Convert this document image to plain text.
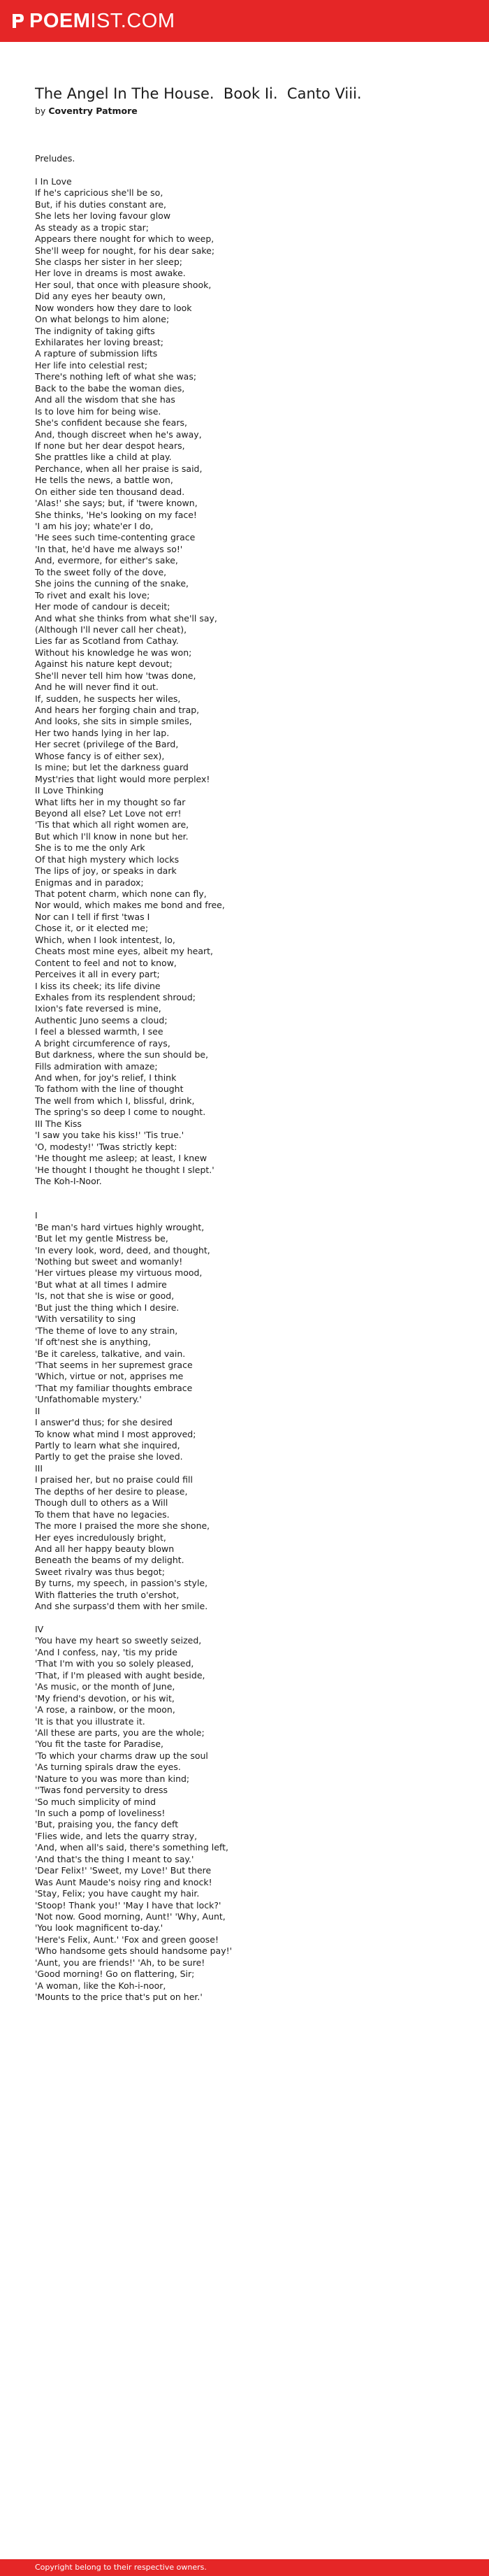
POEMIST.COM
The Angel In The House.  Book Ii.  Canto Viii.
by Coventry Patmore
Preludes.
I In Love
If he's capricious she'll be so,
But, if his duties constant are,
She lets her loving favour glow
As steady as a tropic star;
Appears there nought for which to weep,
She'll weep for nought, for his dear sake;
She clasps her sister in her sleep;
Her love in dreams is most awake.
Her soul, that once with pleasure shook,
Did any eyes her beauty own,
Now wonders how they dare to look
On what belongs to him alone;
The indignity of taking gifts
Exhilarates her loving breast;
A rapture of submission lifts
Her life into celestial rest;
There's nothing left of what she was;
Back to the babe the woman dies,
And all the wisdom that she has
Is to love him for being wise.
She's confident because she fears,
And, though discreet when he's away,
If none but her dear despot hears,
She prattles like a child at play.
Perchance, when all her praise is said,
He tells the news, a battle won,
On either side ten thousand dead.
'Alas!' she says; but, if 'twere known,
She thinks, 'He's looking on my face!
'I am his joy; whate'er I do,
'He sees such time-contenting grace
'In that, he'd have me always so!'
And, evermore, for either's sake,
To the sweet folly of the dove,
She joins the cunning of the snake,
To rivet and exalt his love;
Her mode of candour is deceit;
And what she thinks from what she'll say,
(Although I'll never call her cheat),
Lies far as Scotland from Cathay.
Without his knowledge he was won;
Against his nature kept devout;
She'll never tell him how 'twas done,
And he will never find it out.
If, sudden, he suspects her wiles,
And hears her forging chain and trap,
And looks, she sits in simple smiles,
Her two hands lying in her lap.
Her secret (privilege of the Bard,
Whose fancy is of either sex),
Is mine; but let the darkness guard
Myst'ries that light would more perplex!
II Love Thinking
What lifts her in my thought so far
Beyond all else? Let Love not err!
'Tis that which all right women are,
But which I'll know in none but her.
She is to me the only Ark
Of that high mystery which locks
The lips of joy, or speaks in dark
Enigmas and in paradox;
That potent charm, which none can fly,
Nor would, which makes me bond and free,
Nor can I tell if first 'twas I
Chose it, or it elected me;
Which, when I look intentest, lo,
Cheats most mine eyes, albeit my heart,
Content to feel and not to know,
Perceives it all in every part;
I kiss its cheek; its life divine
Exhales from its resplendent shroud;
Ixion's fate reversed is mine,
Authentic Juno seems a cloud;
I feel a blessed warmth, I see
A bright circumference of rays,
But darkness, where the sun should be,
Fills admiration with amaze;
And when, for joy's relief, I think
To fathom with the line of thought
The well from which I, blissful, drink,
The spring's so deep I come to nought.
III The Kiss
'I saw you take his kiss!' 'Tis true.'
'O, modesty!' 'Twas strictly kept:
'He thought me asleep; at least, I knew
'He thought I thought he thought I slept.'
The Koh-I-Noor.
I
'Be man's hard virtues highly wrought,
'But let my gentle Mistress be,
'In every look, word, deed, and thought,
'Nothing but sweet and womanly!
'Her virtues please my virtuous mood,
'But what at all times I admire
'Is, not that she is wise or good,
'But just the thing which I desire.
'With versatility to sing
'The theme of love to any strain,
'If oft'nest she is anything,
'Be it careless, talkative, and vain.
'That seems in her supremest grace
'Which, virtue or not, apprises me
'That my familiar thoughts embrace
'Unfathomable mystery.'
II
I answer'd thus; for she desired
To know what mind I most approved;
Partly to learn what she inquired,
Partly to get the praise she loved.
III
I praised her, but no praise could fill
The depths of her desire to please,
Though dull to others as a Will
To them that have no legacies.
The more I praised the more she shone,
Her eyes incredulously bright,
And all her happy beauty blown
Beneath the beams of my delight.
Sweet rivalry was thus begot;
By turns, my speech, in passion's style,
With flatteries the truth o'ershot,
And she surpass'd them with her smile.
IV
'You have my heart so sweetly seized,
'And I confess, nay, 'tis my pride
'That I'm with you so solely pleased,
'That, if I'm pleased with aught beside,
'As music, or the month of June,
'My friend's devotion, or his wit,
'A rose, a rainbow, or the moon,
'It is that you illustrate it.
'All these are parts, you are the whole;
'You fit the taste for Paradise,
'To which your charms draw up the soul
'As turning spirals draw the eyes.
'Nature to you was more than kind;
''Twas fond perversity to dress
'So much simplicity of mind
'In such a pomp of loveliness!
'But, praising you, the fancy deft
'Flies wide, and lets the quarry stray,
'And, when all's said, there's something left,
'And that's the thing I meant to say.'
'Dear Felix!' 'Sweet, my Love!' But there
Was Aunt Maude's noisy ring and knock!
'Stay, Felix; you have caught my hair.
'Stoop! Thank you!' 'May I have that lock?'
'Not now. Good morning, Aunt!' 'Why, Aunt,
'You look magnificent to-day.'
'Here's Felix, Aunt.' 'Fox and green goose!
'Who handsome gets should handsome pay!'
'Aunt, you are friends!' 'Ah, to be sure!
'Good morning! Go on flattering, Sir;
'A woman, like the Koh-i-noor,
'Mounts to the price that's put on her.'
Copyright belong to their respective owners.
